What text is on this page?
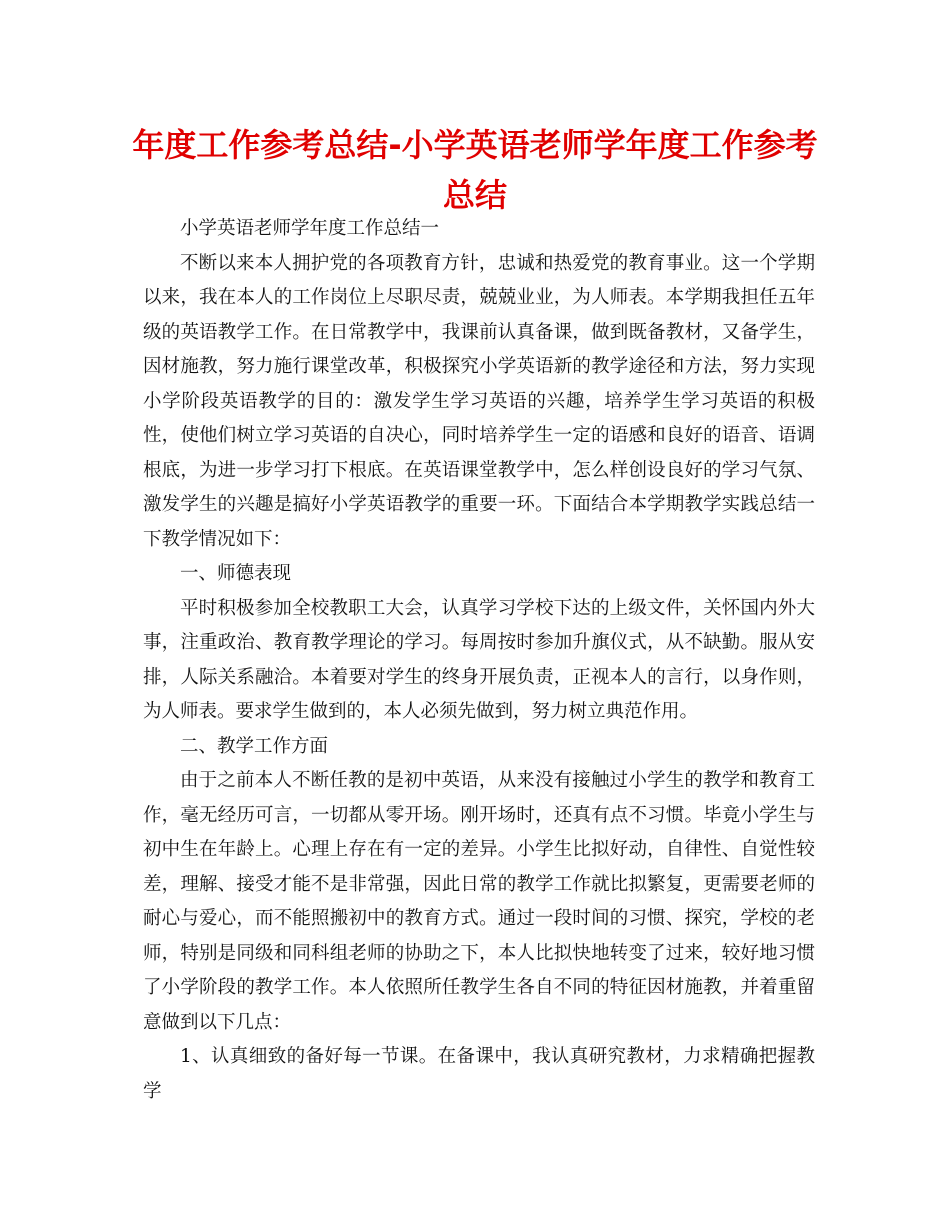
年度工作参考总结-小学英语老师学年度工作参考总结

小学英语老师学年度工作总结一

不断以来本人拥护党的各项教育方针，忠诚和热爱党的教育事业。这一个学期以来，我在本人的工作岗位上尽职尽责，兢兢业业，为人师表。本学期我担任五年级的英语教学工作。在日常教学中，我课前认真备课，做到既备教材，又备学生，因材施教，努力施行课堂改革，积极探究小学英语新的教学途径和方法，努力实现小学阶段英语教学的目的：激发学生学习英语的兴趣，培养学生学习英语的积极性，使他们树立学习英语的自决心，同时培养学生一定的语感和良好的语音、语调根底，为进一步学习打下根底。在英语课堂教学中，怎么样创设良好的学习气氛、激发学生的兴趣是搞好小学英语教学的重要一环。下面结合本学期教学实践总结一下教学情况如下：

一、师德表现

平时积极参加全校教职工大会，认真学习学校下达的上级文件，关怀国内外大事，注重政治、教育教学理论的学习。每周按时参加升旗仪式，从不缺勤。服从安排，人际关系融洽。本着要对学生的终身开展负责，正视本人的言行，以身作则，为人师表。要求学生做到的，本人必须先做到，努力树立典范作用。

二、教学工作方面

由于之前本人不断任教的是初中英语，从来没有接触过小学生的教学和教育工作，毫无经历可言，一切都从零开场。刚开场时，还真有点不习惯。毕竟小学生与初中生在年龄上。心理上存在有一定的差异。小学生比拟好动，自律性、自觉性较差，理解、接受才能不是非常强，因此日常的教学工作就比拟繁复，更需要老师的耐心与爱心，而不能照搬初中的教育方式。通过一段时间的习惯、探究，学校的老师，特别是同级和同科组老师的协助之下，本人比拟快地转变了过来，较好地习惯了小学阶段的教学工作。本人依照所任教学生各自不同的特征因材施教，并着重留意做到以下几点：

1、认真细致的备好每一节课。在备课中，我认真研究教材，力求精确把握教学
